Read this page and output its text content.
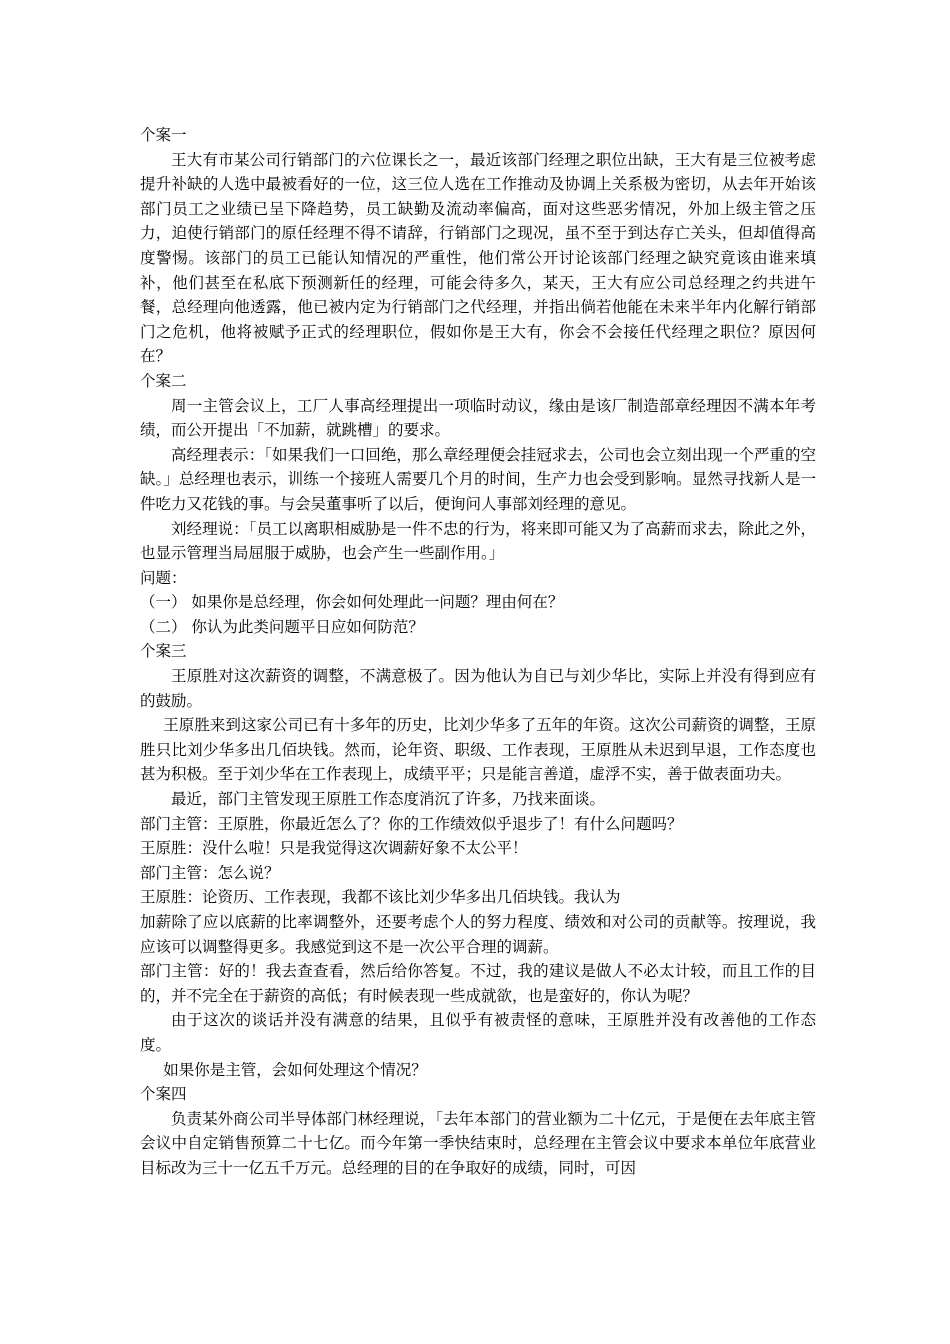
个案一

王大有市某公司行销部门的六位课长之一，最近该部门经理之职位出缺，王大有是三位被考虑提升补缺的人选中最被看好的一位，这三位人选在工作推动及协调上关系极为密切，从去年开始该部门员工之业绩已呈下降趋势，员工缺勤及流动率偏高，面对这些恶劣情况，外加上级主管之压力，迫使行销部门的原任经理不得不请辞，行销部门之现况，虽不至于到达存亡关头，但却值得高度警惕。该部门的员工已能认知情况的严重性，他们常公开讨论该部门经理之缺究竟该由谁来填补，他们甚至在私底下预测新任的经理，可能会待多久，某天，王大有应公司总经理之约共进午餐，总经理向他透露，他已被内定为行销部门之代经理，并指出倘若他能在未来半年内化解行销部门之危机，他将被赋予正式的经理职位，假如你是王大有，你会不会接任代经理之职位？原因何在？

个案二

周一主管会议上，工厂人事高经理提出一项临时动议，缘由是该厂制造部章经理因不满本年考绩，而公开提出「不加薪，就跳槽」的要求。

高经理表示：「如果我们一口回绝，那么章经理便会挂冠求去，公司也会立刻出现一个严重的空缺。」总经理也表示，训练一个接班人需要几个月的时间，生产力也会受到影响。显然寻找新人是一件吃力又花钱的事。与会吴董事听了以后，便询问人事部刘经理的意见。

刘经理说：「员工以离职相威胁是一件不忠的行为，将来即可能又为了高薪而求去，除此之外，也显示管理当局屈服于威胁，也会产生一些副作用。」

问题：

（一） 如果你是总经理，你会如何处理此一问题？理由何在？

（二） 你认为此类问题平日应如何防范？

个案三

王原胜对这次薪资的调整，不满意极了。因为他认为自已与刘少华比，实际上并没有得到应有的鼓励。

王原胜来到这家公司已有十多年的历史，比刘少华多了五年的年资。这次公司薪资的调整，王原胜只比刘少华多出几佰块钱。然而，论年资、职级、工作表现，王原胜从未迟到早退，工作态度也甚为积极。至于刘少华在工作表现上，成绩平平；只是能言善道，虚浮不实，善于做表面功夫。

最近，部门主管发现王原胜工作态度消沉了许多，乃找来面谈。

部门主管：王原胜，你最近怎么了？你的工作绩效似乎退步了！有什么问题吗？

王原胜：没什么啦！只是我觉得这次调薪好象不太公平！

部门主管：怎么说？

王原胜：论资历、工作表现，我都不该比刘少华多出几佰块钱。我认为

加薪除了应以底薪的比率调整外，还要考虑个人的努力程度、绩效和对公司的贡献等。按理说，我应该可以调整得更多。我感觉到这不是一次公平合理的调薪。

部门主管：好的！我去查查看，然后给你答复。不过，我的建议是做人不必太计较，而且工作的目的，并不完全在于薪资的高低；有时候表现一些成就欲，也是蛮好的，你认为呢？

由于这次的谈话并没有满意的结果，且似乎有被责怪的意味，王原胜并没有改善他的工作态度。

如果你是主管，会如何处理这个情况？

个案四

负责某外商公司半导体部门林经理说，「去年本部门的营业额为二十亿元，于是便在去年底主管会议中自定销售预算二十七亿。而今年第一季快结束时，总经理在主管会议中要求本单位年底营业目标改为三十一亿五千万元。总经理的目的在争取好的成绩，同时，可因
